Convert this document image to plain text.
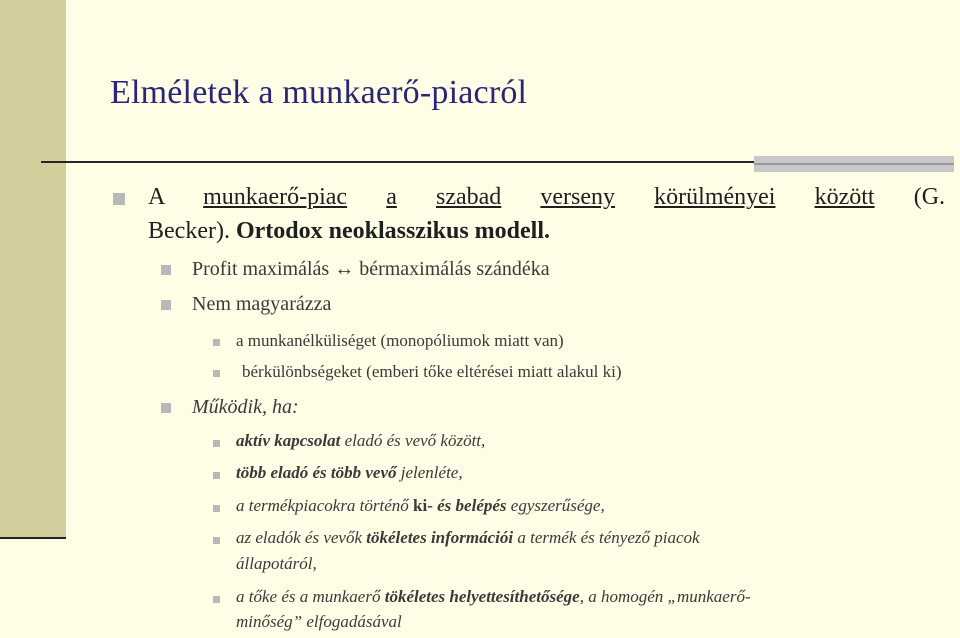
Elméletek a munkaerő-piacról
A munkaerő-piac a szabad verseny körülményei között (G.
Becker). Ortodox neoklasszikus modell.
Profit maximálás ↔ bérmaximálás szándéka
Nem magyarázza
a munkanélküliséget (monopóliumok miatt van)
bérkülönbségeket (emberi tőke eltérései miatt alakul ki)
Működik, ha:
aktív kapcsolat eladó és vevő között,
több eladó és több vevő jelenléte,
a termékpiacokra történő ki- és belépés egyszerűsége,
az eladók és vevők tökéletes információi a termék és tényező piacok
állapotáról,
a tőke és a munkaerő tökéletes helyettesíthetősége, a homogén „munkaerő-
minőség” elfogadásával
